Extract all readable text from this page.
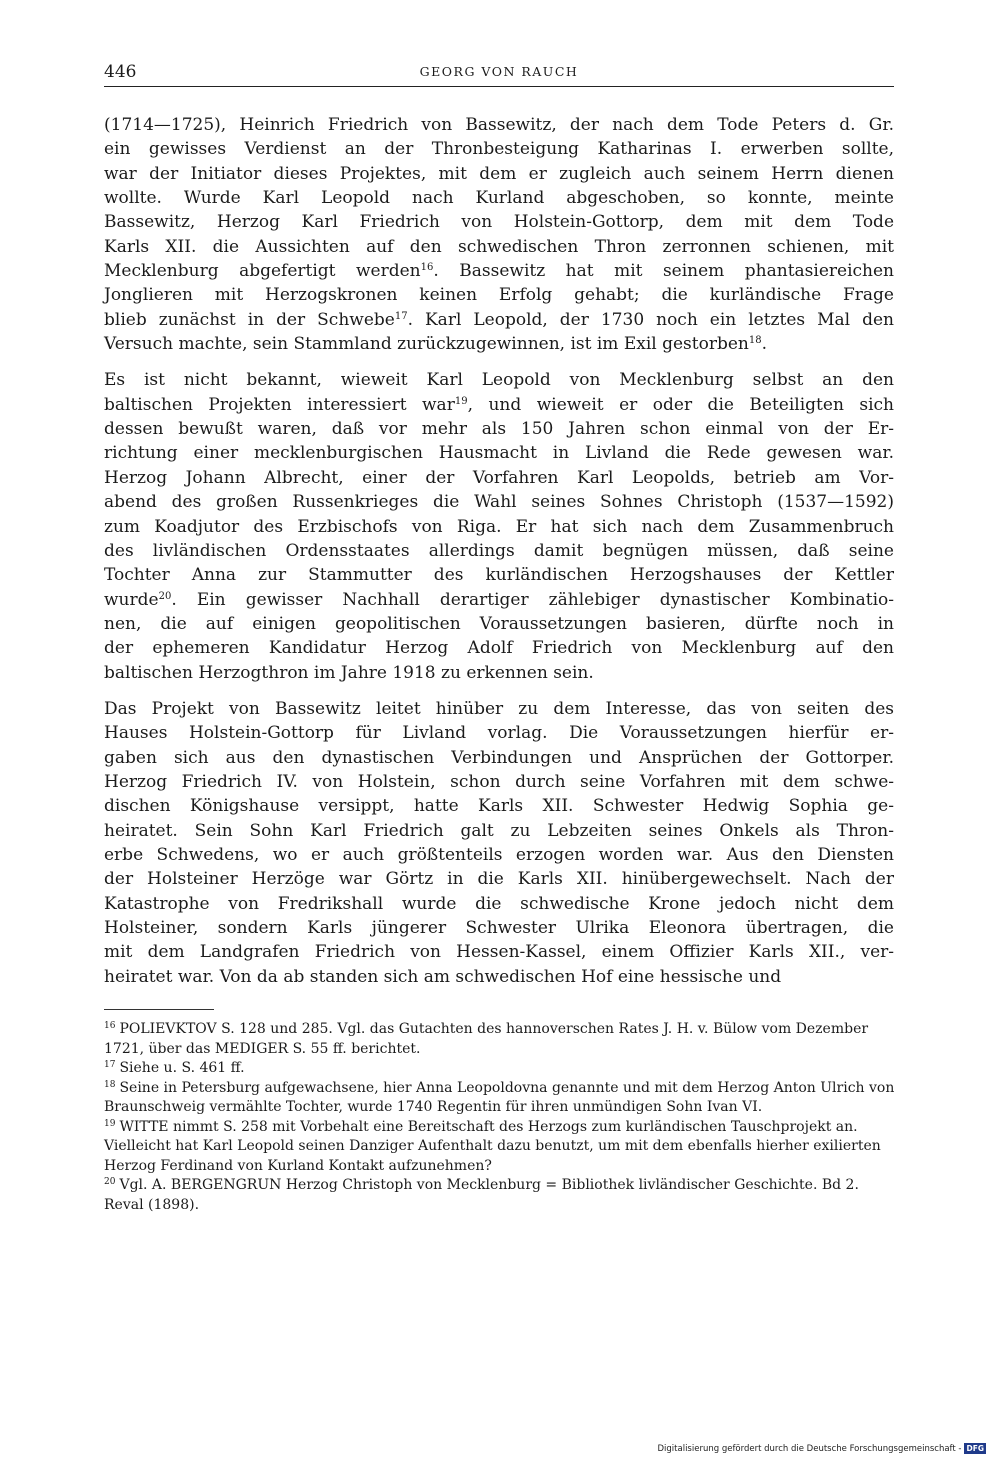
446	GEORG VON RAUCH
(1714—1725), Heinrich Friedrich von Bassewitz, der nach dem Tode Peters d. Gr.
ein gewisses Verdienst an der Thronbesteigung Katharinas I. erwerben sollte,
war der Initiator dieses Projektes, mit dem er zugleich auch seinem Herrn dienen
wollte. Wurde Karl Leopold nach Kurland abgeschoben, so konnte, meinte
Bassewitz, Herzog Karl Friedrich von Holstein-Gottorp, dem mit dem Tode
Karls XII. die Aussichten auf den schwedischen Thron zerronnen schienen, mit
Mecklenburg abgefertigt werden$^{16}$. Bassewitz hat mit seinem phantasiereichen
Jonglieren mit Herzogskronen keinen Erfolg gehabt; die kurländische Frage
blieb zunächst in der Schwebe$^{17}$. Karl Leopold, der 1730 noch ein letztes Mal den
Versuch machte, sein Stammland zurückzugewinnen, ist im Exil gestorben$^{18}$.
Es ist nicht bekannt, wieweit Karl Leopold von Mecklenburg selbst an den
baltischen Projekten interessiert war$^{19}$, und wieweit er oder die Beteiligten sich
dessen bewußt waren, daß vor mehr als 150 Jahren schon einmal von der Er-
richtung einer mecklenburgischen Hausmacht in Livland die Rede gewesen war.
Herzog Johann Albrecht, einer der Vorfahren Karl Leopolds, betrieb am Vor-
abend des großen Russenkrieges die Wahl seines Sohnes Christoph (1537—1592)
zum Koadjutor des Erzbischofs von Riga. Er hat sich nach dem Zusammenbruch
des livländischen Ordensstaates allerdings damit begnügen müssen, daß seine
Tochter Anna zur Stammutter des kurländischen Herzogshauses der Kettler
wurde$^{20}$. Ein gewisser Nachhall derartiger zählebiger dynastischer Kombinatio-
nen, die auf einigen geopolitischen Voraussetzungen basieren, dürfte noch in
der ephemeren Kandidatur Herzog Adolf Friedrich von Mecklenburg auf den
baltischen Herzogthron im Jahre 1918 zu erkennen sein.
Das Projekt von Bassewitz leitet hinüber zu dem Interesse, das von seiten des
Hauses Holstein-Gottorp für Livland vorlag. Die Voraussetzungen hierfür er-
gaben sich aus den dynastischen Verbindungen und Ansprüchen der Gottorper.
Herzog Friedrich IV. von Holstein, schon durch seine Vorfahren mit dem schwe-
dischen Königshause versippt, hatte Karls XII. Schwester Hedwig Sophia ge-
heiratet. Sein Sohn Karl Friedrich galt zu Lebzeiten seines Onkels als Thron-
erbe Schwedens, wo er auch größtenteils erzogen worden war. Aus den Diensten
der Holsteiner Herzöge war Görtz in die Karls XII. hinübergewechselt. Nach der
Katastrophe von Fredrikshall wurde die schwedische Krone jedoch nicht dem
Holsteiner, sondern Karls jüngerer Schwester Ulrika Eleonora übertragen, die
mit dem Landgrafen Friedrich von Hessen-Kassel, einem Offizier Karls XII., ver-
heiratet war. Von da ab standen sich am schwedischen Hof eine hessische und

$^{16}$ POLIEVKTOV S. 128 und 285. Vgl. das Gutachten des hannoverschen Rates J. H. v. Bülow vom Dezember 1721, über das MEDIGER S. 55 ff. berichtet.

$^{17}$ Siehe u. S. 461 ff.

$^{18}$ Seine in Petersburg aufgewachsene, hier Anna Leopoldovna genannte und mit dem Herzog Anton Ulrich von Braunschweig vermählte Tochter, wurde 1740 Regentin für ihren unmündigen Sohn Ivan VI.

$^{19}$ WITTE nimmt S. 258 mit Vorbehalt eine Bereitschaft des Herzogs zum kurländischen Tauschprojekt an. Vielleicht hat Karl Leopold seinen Danziger Aufenthalt dazu benutzt, um mit dem ebenfalls hierher exilierten Herzog Ferdinand von Kurland Kontakt aufzunehmen?

$^{20}$ Vgl. A. BERGENGRUN Herzog Christoph von Mecklenburg = Bibliothek livländischer Geschichte. Bd 2. Reval (1898).

Digitalisierung gefördert durch die Deutsche Forschungsgemeinschaft - DFG
